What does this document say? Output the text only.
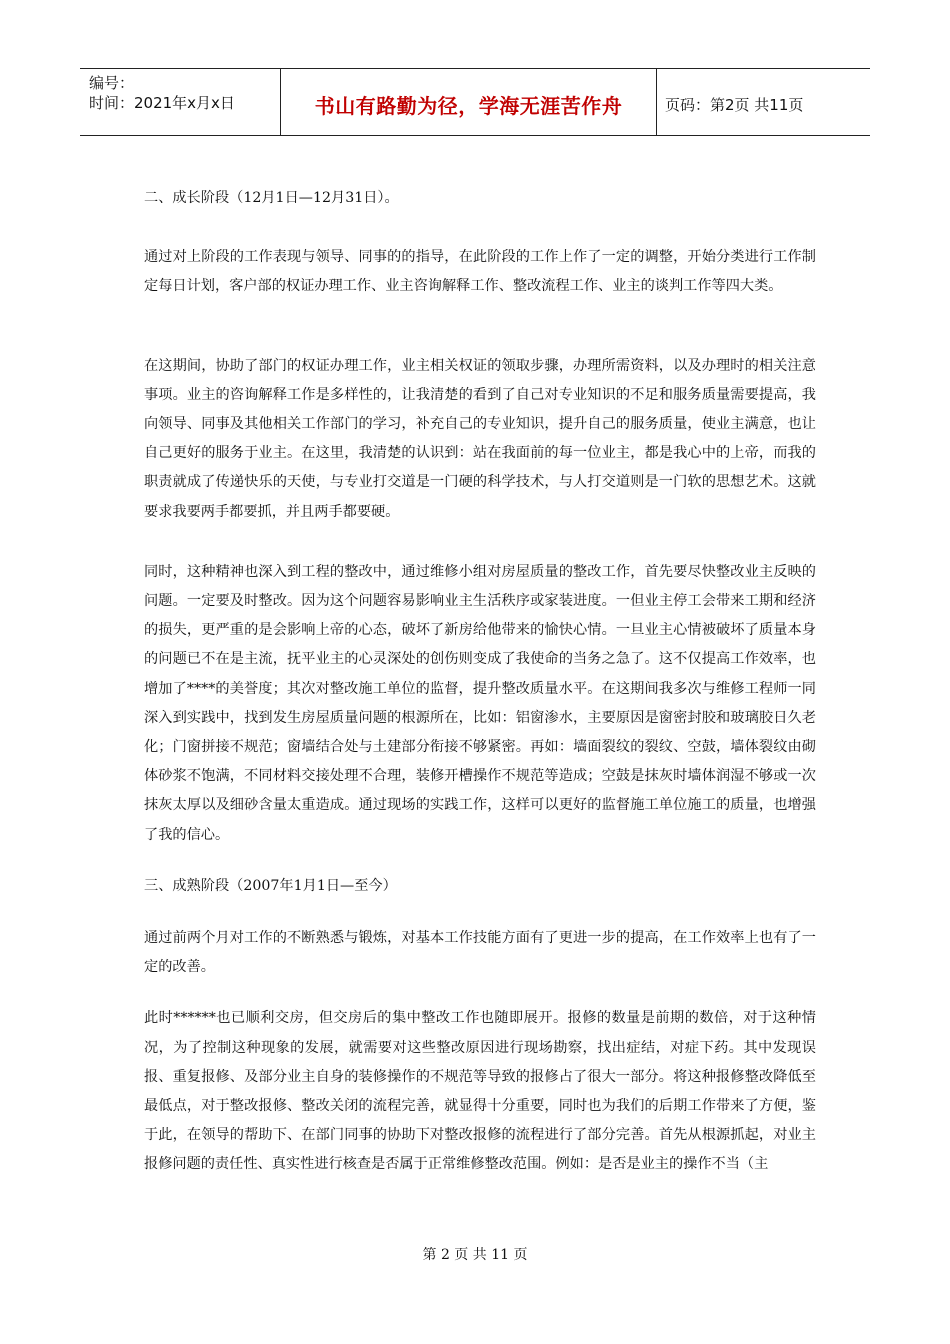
编号：
时间：2021年x月x日	书山有路勤为径，学海无涯苦作舟	页码：第2页 共11页

二、成长阶段（12月1日—12月31日）。

通过对上阶段的工作表现与领导、同事的的指导，在此阶段的工作上作了一定的调整，开始分类进行工作制定每日计划，客户部的权证办理工作、业主咨询解释工作、整改流程工作、业主的谈判工作等四大类。

在这期间，协助了部门的权证办理工作，业主相关权证的领取步骤，办理所需资料，以及办理时的相关注意事项。业主的咨询解释工作是多样性的，让我清楚的看到了自己对专业知识的不足和服务质量需要提高，我向领导、同事及其他相关工作部门的学习，补充自己的专业知识，提升自己的服务质量，使业主满意，也让自己更好的服务于业主。在这里，我清楚的认识到：站在我面前的每一位业主，都是我心中的上帝，而我的职责就成了传递快乐的天使，与专业打交道是一门硬的科学技术，与人打交道则是一门软的思想艺术。这就要求我要两手都要抓，并且两手都要硬。

同时，这种精神也深入到工程的整改中，通过维修小组对房屋质量的整改工作，首先要尽快整改业主反映的问题。一定要及时整改。因为这个问题容易影响业主生活秩序或家装进度。一但业主停工会带来工期和经济的损失，更严重的是会影响上帝的心态，破坏了新房给他带来的愉快心情。一旦业主心情被破坏了质量本身的问题已不在是主流，抚平业主的心灵深处的创伤则变成了我使命的当务之急了。这不仅提高工作效率，也增加了****的美誉度；其次对整改施工单位的监督，提升整改质量水平。在这期间我多次与维修工程师一同深入到实践中，找到发生房屋质量问题的根源所在，比如：铝窗渗水，主要原因是窗密封胶和玻璃胶日久老化；门窗拼接不规范；窗墙结合处与土建部分衔接不够紧密。再如：墙面裂纹的裂纹、空鼓，墙体裂纹由砌体砂浆不饱满，不同材料交接处理不合理，装修开槽操作不规范等造成；空鼓是抹灰时墙体润湿不够或一次抹灰太厚以及细砂含量太重造成。通过现场的实践工作，这样可以更好的监督施工单位施工的质量，也增强了我的信心。

三、成熟阶段（2007年1月1日—至今）

通过前两个月对工作的不断熟悉与锻炼，对基本工作技能方面有了更进一步的提高，在工作效率上也有了一定的改善。

此时******也已顺利交房，但交房后的集中整改工作也随即展开。报修的数量是前期的数倍，对于这种情况，为了控制这种现象的发展，就需要对这些整改原因进行现场勘察，找出症结，对症下药。其中发现误报、重复报修、及部分业主自身的装修操作的不规范等导致的报修占了很大一部分。将这种报修整改降低至最低点，对于整改报修、整改关闭的流程完善，就显得十分重要，同时也为我们的后期工作带来了方便，鉴于此，在领导的帮助下、在部门同事的协助下对整改报修的流程进行了部分完善。首先从根源抓起，对业主报修问题的责任性、真实性进行核查是否属于正常维修整改范围。例如：是否是业主的操作不当（主

第 2 页 共 11 页
